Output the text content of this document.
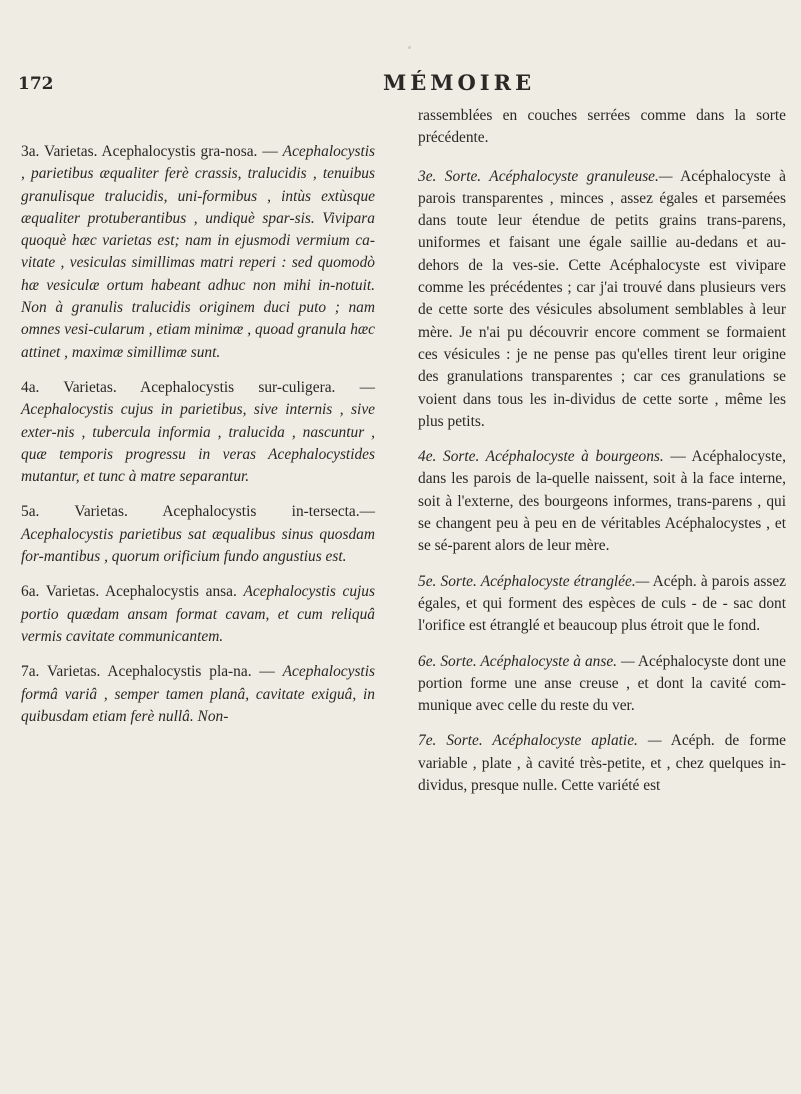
172	MÉMOIRE

3a. Varietas. Acephalocystis gra-nosa. — Acephalocystis , parietibus æqualiter ferè crassis, tralucidis , tenuibus granulisque tralucidis, uni-formibus , intùs extùsque æqualiter protuberantibus , undiquè spar-sis. Vivipara quoquè hæc varietas est; nam in ejusmodi vermium ca-vitate , vesiculas simillimas matri reperi : sed quomodò hæ vesiculæ ortum habeant adhuc non mihi in-notuit. Non à granulis tralucidis originem duci puto ; nam omnes vesi-cularum , etiam minimæ , quoad granula hæc attinet , maximæ simillimæ sunt.

4a. Varietas. Acephalocystis sur-culigera. — Acephalocystis cujus in parietibus, sive internis , sive exter-nis , tubercula informia , tralucida , nascuntur , quæ temporis progressu in veras Acephalocystides mutantur, et tunc à matre separantur.

5a. Varietas. Acephalocystis in-tersecta.— Acephalocystis parietibus sat æqualibus sinus quosdam for-mantibus , quorum orificium fundo angustius est.

6a. Varietas. Acephalocystis ansa. Acephalocystis cujus portio quædam ansam format cavam, et cum reliquâ vermis cavitate communicantem.

7a. Varietas. Acephalocystis pla-na. — Acephalocystis formâ variâ , semper tamen planâ, cavitate exiguâ, in quibusdam etiam ferè nullâ. Non-

rassemblées en couches serrées comme dans la sorte précédente.

3e. Sorte. Acéphalocyste granuleuse.— Acéphalocyste à parois transparentes , minces , assez égales et parsemées dans toute leur étendue de petits grains trans-parens, uniformes et faisant une égale saillie au-dedans et au-dehors de la ves-sie. Cette Acéphalocyste est vivipare comme les précédentes ; car j'ai trouvé dans plusieurs vers de cette sorte des vésicules absolument semblables à leur mère. Je n'ai pu découvrir encore comment se formaient ces vésicules : je ne pense pas qu'elles tirent leur origine des granulations transparentes ; car ces granulations se voient dans tous les in-dividus de cette sorte , même les plus petits.

4e. Sorte. Acéphalocyste à bourgeons. — Acéphalocyste, dans les parois de la-quelle naissent, soit à la face interne, soit à l'externe, des bourgeons informes, trans-parens , qui se changent peu à peu en de véritables Acéphalocystes , et se sé-parent alors de leur mère.

5e. Sorte. Acéphalocyste étranglée.— Acéph. à parois assez égales, et qui forment des espèces de culs - de - sac dont l'orifice est étranglé et beaucoup plus étroit que le fond.

6e. Sorte. Acéphalocyste à anse. — Acéphalocyste dont une portion forme une anse creuse , et dont la cavité com-munique avec celle du reste du ver.

7e. Sorte. Acéphalocyste aplatie. — Acéph. de forme variable , plate , à cavité très-petite, et , chez quelques in-dividus, presque nulle. Cette variété est
